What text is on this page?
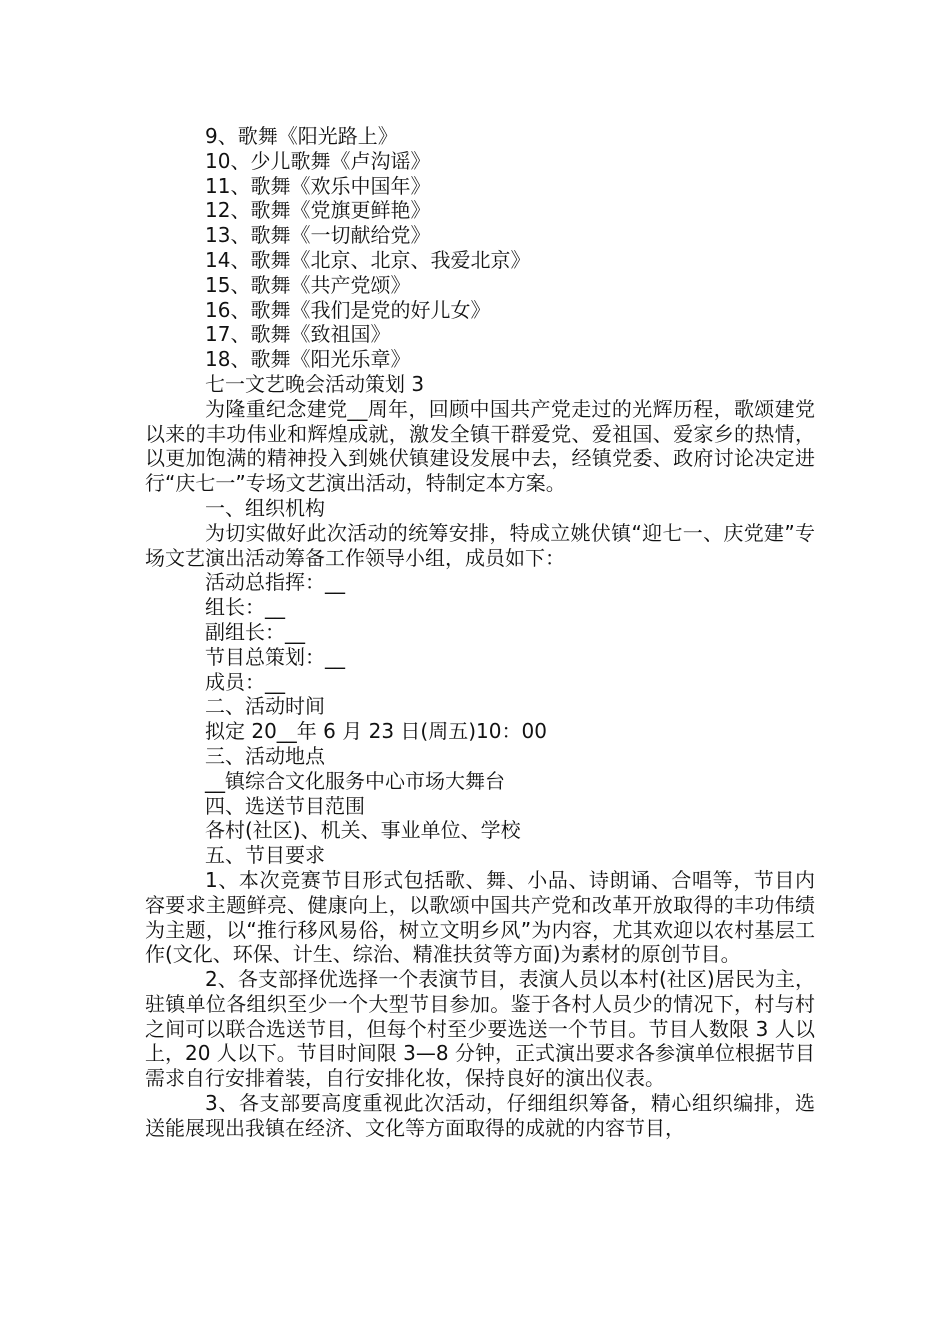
9、歌舞《阳光路上》
10、少儿歌舞《卢沟谣》
11、歌舞《欢乐中国年》
12、歌舞《党旗更鲜艳》
13、歌舞《一切献给党》
14、歌舞《北京、北京、我爱北京》
15、歌舞《共产党颂》
16、歌舞《我们是党的好儿女》
17、歌舞《致祖国》
18、歌舞《阳光乐章》
七一文艺晚会活动策划 3
为隆重纪念建党__周年，回顾中国共产党走过的光辉历程，歌颂建党以来的丰功伟业和辉煌成就，激发全镇干群爱党、爱祖国、爱家乡的热情，以更加饱满的精神投入到姚伏镇建设发展中去，经镇党委、政府讨论决定进行“庆七一”专场文艺演出活动，特制定本方案。
一、组织机构
为切实做好此次活动的统筹安排，特成立姚伏镇“迎七一、庆党建”专场文艺演出活动筹备工作领导小组，成员如下：
活动总指挥：__
组长：__
副组长：__
节目总策划：__
成员：__
二、活动时间
拟定 20__年 6 月 23 日(周五)10：00
三、活动地点
__镇综合文化服务中心市场大舞台
四、选送节目范围
各村(社区)、机关、事业单位、学校
五、节目要求
1、本次竞赛节目形式包括歌、舞、小品、诗朗诵、合唱等，节目内容要求主题鲜亮、健康向上，以歌颂中国共产党和改革开放取得的丰功伟绩为主题，以“推行移风易俗，树立文明乡风”为内容，尤其欢迎以农村基层工作(文化、环保、计生、综治、精准扶贫等方面)为素材的原创节目。
2、各支部择优选择一个表演节目，表演人员以本村(社区)居民为主，驻镇单位各组织至少一个大型节目参加。鉴于各村人员少的情况下，村与村之间可以联合选送节目，但每个村至少要选送一个节目。节目人数限 3 人以上，20 人以下。节目时间限 3—8 分钟，正式演出要求各参演单位根据节目需求自行安排着装，自行安排化妆，保持良好的演出仪表。
3、各支部要高度重视此次活动，仔细组织筹备，精心组织编排，选送能展现出我镇在经济、文化等方面取得的成就的内容节目，
